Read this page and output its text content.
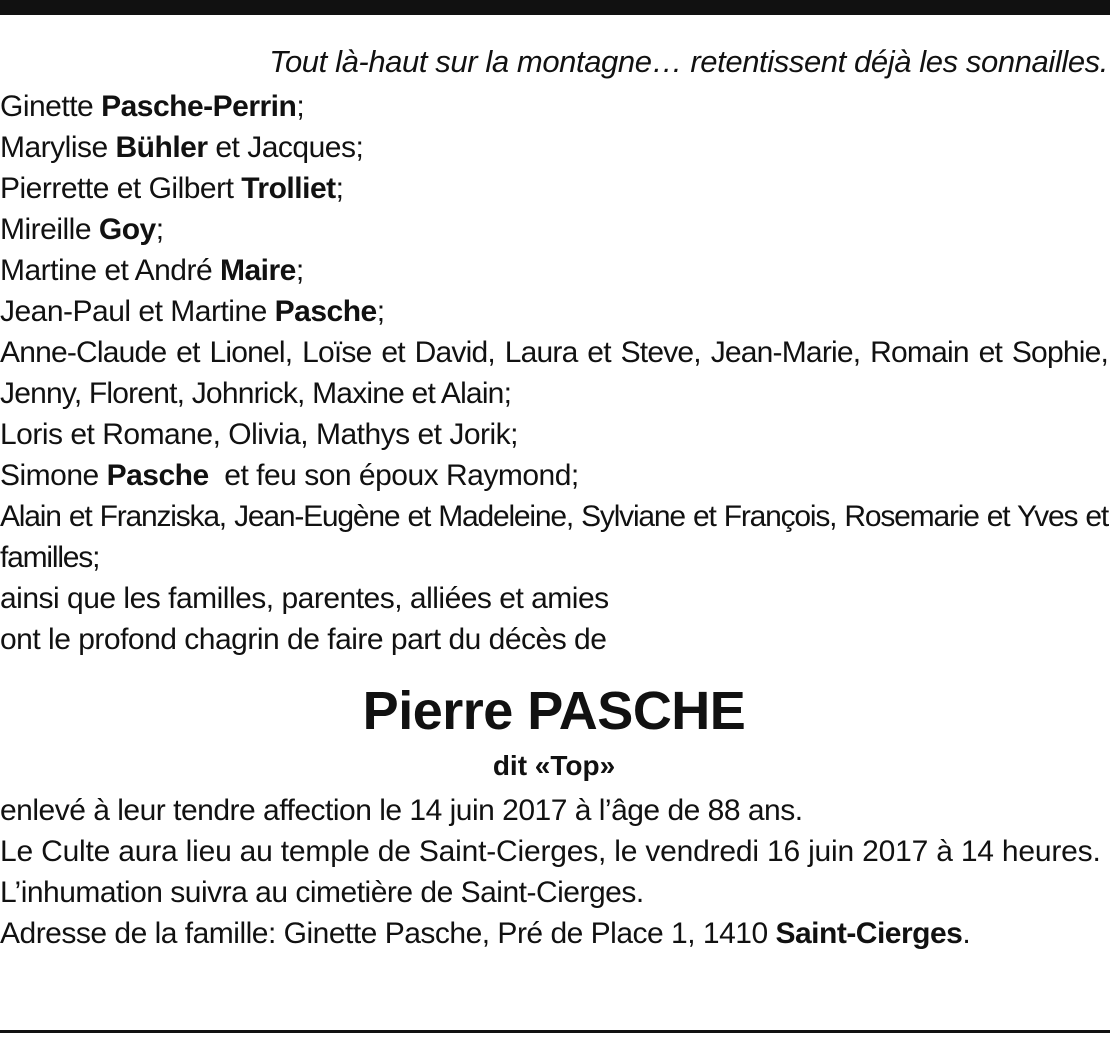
Tout là-haut sur la montagne… retentissent déjà les sonnailles.

Ginette Pasche-Perrin;

Marylise Bühler et Jacques;

Pierrette et Gilbert Trolliet;

Mireille Goy;

Martine et André Maire;

Jean-Paul et Martine Pasche;

Anne-Claude et Lionel, Loïse et David, Laura et Steve, Jean-Marie, Romain et Sophie, Jenny, Florent, Johnrick, Maxine et Alain;

Loris et Romane, Olivia, Mathys et Jorik;

Simone Pasche  et feu son époux Raymond;

Alain et Franziska, Jean-Eugène et Madeleine, Sylviane et François, Rosemarie et Yves et familles;

ainsi que les familles, parentes, alliées et amies

ont le profond chagrin de faire part du décès de

Pierre PASCHE

dit «Top»

enlevé à leur tendre affection le 14 juin 2017 à l’âge de 88 ans.

Le Culte aura lieu au temple de Saint-Cierges, le vendredi 16 juin 2017 à 14 heures.

L’inhumation suivra au cimetière de Saint-Cierges.

Adresse de la famille: Ginette Pasche, Pré de Place 1, 1410 Saint-Cierges.
